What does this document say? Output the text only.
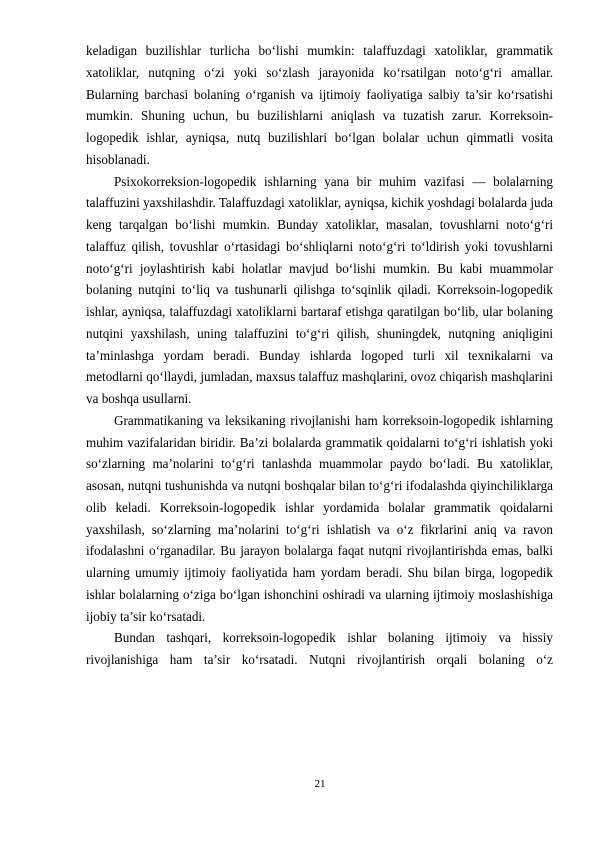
keladigan buzilishlar turlicha bo‘lishi mumkin: talaffuzdagi xatoliklar, grammatik xatoliklar, nutqning o‘zi yoki so‘zlash jarayonida ko‘rsatilgan noto‘g‘ri amallar. Bularning barchasi bolaning o‘rganish va ijtimoiy faoliyatiga salbiy ta’sir ko‘rsatishi mumkin. Shuning uchun, bu buzilishlarni aniqlash va tuzatish zarur. Korreksoin-logopedik ishlar, ayniqsa, nutq buzilishlari bo‘lgan bolalar uchun qimmatli vosita hisoblanadi.

Psixokorreksion-logopedik ishlarning yana bir muhim vazifasi — bolalarning talaffuzini yaxshilashdir. Talaffuzdagi xatoliklar, ayniqsa, kichik yoshdagi bolalarda juda keng tarqalgan bo‘lishi mumkin. Bunday xatoliklar, masalan, tovushlarni noto‘g‘ri talaffuz qilish, tovushlar o‘rtasidagi bo‘shliqlarni noto‘g‘ri to‘ldirish yoki tovushlarni noto‘g‘ri joylashtirish kabi holatlar mavjud bo‘lishi mumkin. Bu kabi muammolar bolaning nutqini to‘liq va tushunarli qilishga to‘sqinlik qiladi. Korreksoin-logopedik ishlar, ayniqsa, talaffuzdagi xatoliklarni bartaraf etishga qaratilgan bo‘lib, ular bolaning nutqini yaxshilash, uning talaffuzini to‘g‘ri qilish, shuningdek, nutqning aniqligini ta’minlashga yordam beradi. Bunday ishlarda logoped turli xil texnikalarni va metodlarni qo‘llaydi, jumladan, maxsus talaffuz mashqlarini, ovoz chiqarish mashqlarini va boshqa usullarni.

Grammatikaning va leksikaning rivojlanishi ham korreksoin-logopedik ishlarning muhim vazifalaridan biridir. Ba’zi bolalarda grammatik qoidalarni to‘g‘ri ishlatish yoki so‘zlarning ma’nolarini to‘g‘ri tanlashda muammolar paydo bo‘ladi. Bu xatoliklar, asosan, nutqni tushunishda va nutqni boshqalar bilan to‘g‘ri ifodalashda qiyinchiliklarga olib keladi. Korreksoin-logopedik ishlar yordamida bolalar grammatik qoidalarni yaxshilash, so‘zlarning ma’nolarini to‘g‘ri ishlatish va o‘z fikrlarini aniq va ravon ifodalashni o‘rganadilar. Bu jarayon bolalarga faqat nutqni rivojlantirishda emas, balki ularning umumiy ijtimoiy faoliyatida ham yordam beradi. Shu bilan birga, logopedik ishlar bolalarning o‘ziga bo‘lgan ishonchini oshiradi va ularning ijtimoiy moslashishiga ijobiy ta’sir ko‘rsatadi.

Bundan tashqari, korreksoin-logopedik ishlar bolaning ijtimoiy va hissiy rivojlanishiga ham ta’sir ko‘rsatadi. Nutqni rivojlantirish orqali bolaning o‘z

21
